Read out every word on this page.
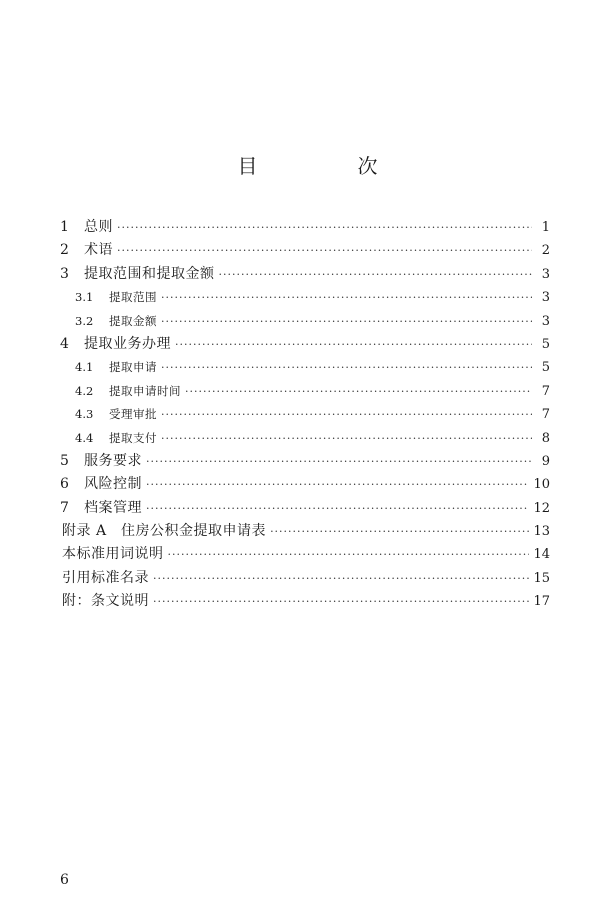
目　次
1	总则 ·····	1
2	术语 ·····	2
3	提取范围和提取金额 ·····	3
3.1	提取范围 ·····	3
3.2	提取金额 ·····	3
4	提取业务办理 ·····	5
4.1	提取申请 ·····	5
4.2	提取申请时间 ·····	7
4.3	受理审批 ·····	7
4.4	提取支付 ·····	8
5	服务要求 ·····	9
6	风险控制 ·····	10
7	档案管理 ·····	12
附录 A　住房公积金提取申请表 ·····	13
本标准用词说明 ·····	14
引用标准名录 ·····	15
附：条文说明 ·····	17
6
